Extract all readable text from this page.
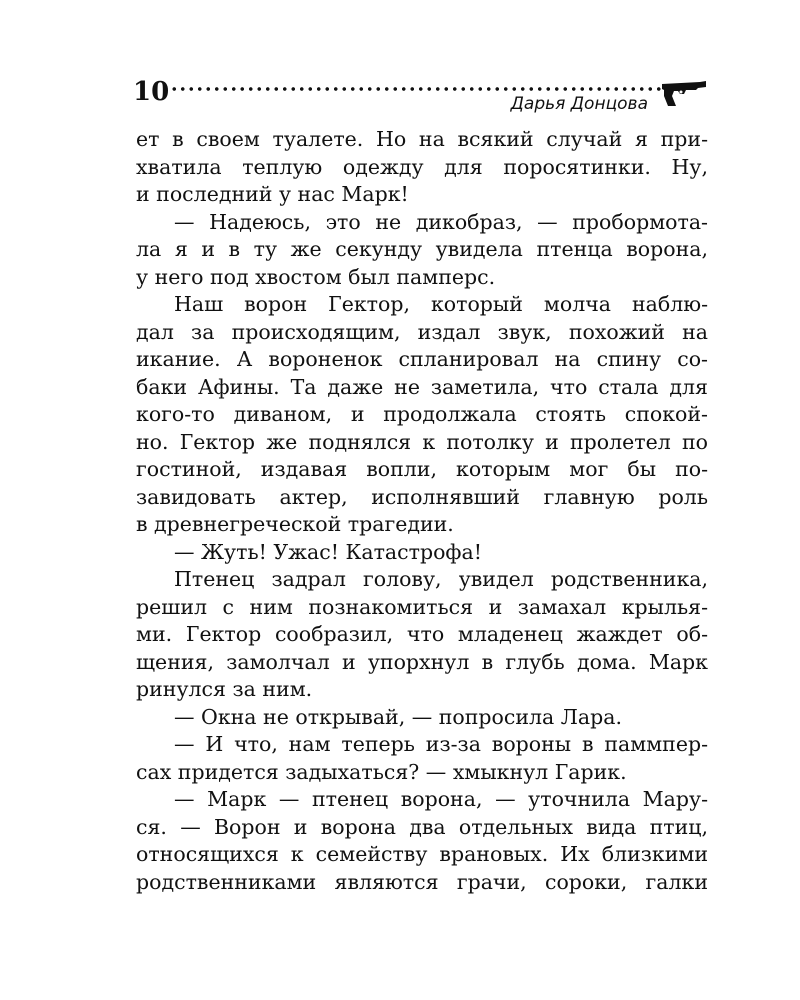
10	Дарья Донцова
ет в своем туалете. Но на всякий случай я при-
хватила теплую одежду для поросятинки. Ну,
и последний у нас Марк!
— Надеюсь, это не дикобраз, — пробормота-
ла я и в ту же секунду увидела птенца ворона,
у него под хвостом был памперс.
Наш ворон Гектор, который молча наблю-
дал за происходящим, издал звук, похожий на
икание. А вороненок спланировал на спину со-
баки Афины. Та даже не заметила, что стала для
кого-то диваном, и продолжала стоять спокой-
но. Гектор же поднялся к потолку и пролетел по
гостиной, издавая вопли, которым мог бы по-
завидовать актер, исполнявший главную роль
в древнегреческой трагедии.
— Жуть! Ужас! Катастрофа!
Птенец задрал голову, увидел родственника,
решил с ним познакомиться и замахал крылья-
ми. Гектор сообразил, что младенец жаждет об-
щения, замолчал и упорхнул в глубь дома. Марк
ринулся за ним.
— Окна не открывай, — попросила Лара.
— И что, нам теперь из-за вороны в паммпер-
сах придется задыхаться? — хмыкнул Гарик.
— Марк — птенец ворона, — уточнила Мару-
ся. — Ворон и ворона два отдельных вида птиц,
относящихся к семейству врановых. Их близкими
родственниками являются грачи, сороки, галки
